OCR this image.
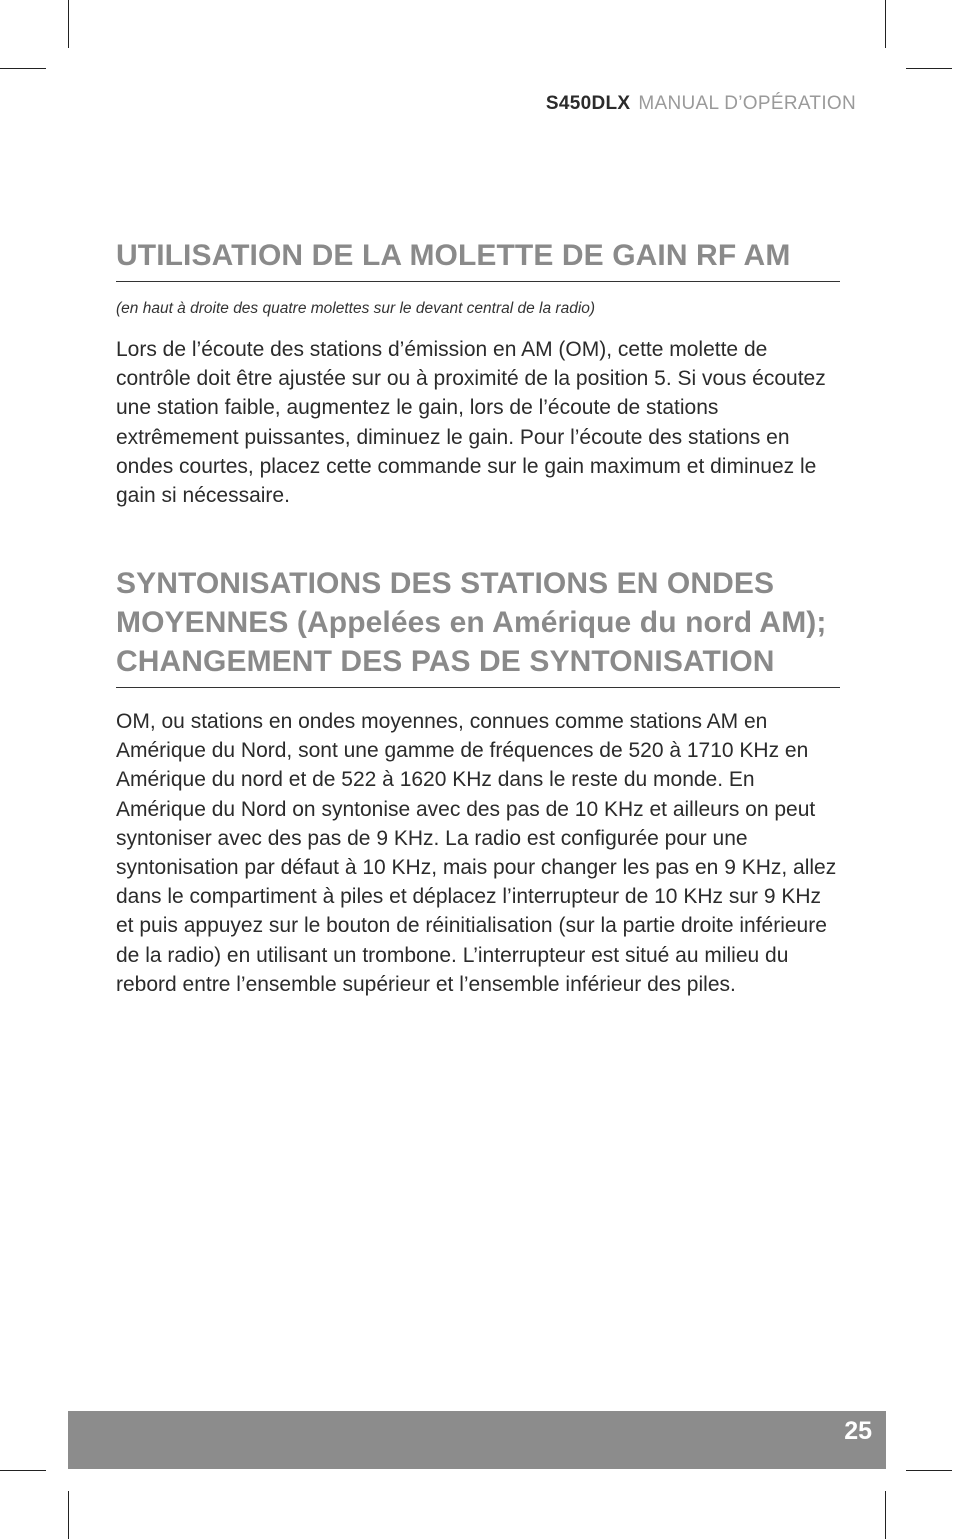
S450DLX MANUAL D’OPÉRATION
UTILISATION DE LA MOLETTE DE GAIN RF AM

(en haut à droite des quatre molettes sur le devant central de la radio)

Lors de l’écoute des stations d’émission en AM (OM), cette molette de contrôle doit être ajustée sur ou à proximité de la position 5. Si vous écoutez une station faible, augmentez le gain, lors de l’écoute de stations extrêmement puissantes, diminuez le gain. Pour l’écoute des stations en ondes courtes, placez cette commande sur le gain maximum et diminuez le gain si nécessaire.

SYNTONISATIONS DES STATIONS EN ONDES MOYENNES (Appelées en Amérique du nord AM); CHANGEMENT DES PAS DE SYNTONISATION

OM, ou stations en ondes moyennes, connues comme stations AM en Amérique du Nord, sont une gamme de fréquences de 520 à 1710 KHz en Amérique du nord et de 522 à 1620 KHz dans le reste du monde. En Amérique du Nord on syntonise avec des pas de 10 KHz et ailleurs on peut syntoniser avec des pas de 9 KHz. La radio est configurée pour une syntonisation par défaut à 10 KHz, mais pour changer les pas en 9 KHz, allez dans le compartiment à piles et déplacez l’interrupteur de 10 KHz sur 9 KHz et puis appuyez sur le bouton de réinitialisation (sur la partie droite inférieure de la radio) en utilisant un trombone. L’interrupteur est situé au milieu du rebord entre l’ensemble supérieur et l’ensemble inférieur des piles.

25
